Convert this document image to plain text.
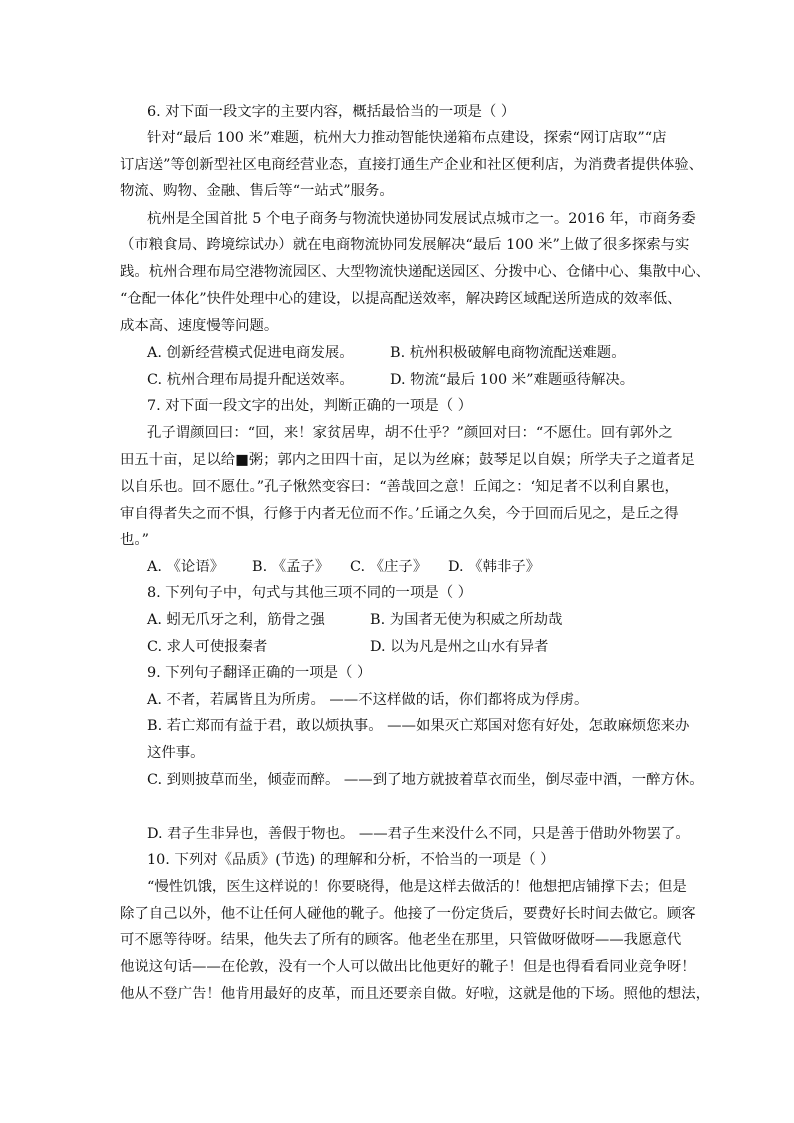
6. 对下面一段文字的主要内容，概括最恰当的一项是（ ）
针对“最后 100 米”难题，杭州大力推动智能快递箱布点建设，探索“网订店取”“店
订店送”等创新型社区电商经营业态，直接打通生产企业和社区便利店，为消费者提供体验、
物流、购物、金融、售后等“一站式”服务。
杭州是全国首批 5 个电子商务与物流快递协同发展试点城市之一。2016 年，市商务委
（市粮食局、跨境综试办）就在电商物流协同发展解决“最后 100 米”上做了很多探索与实
践。杭州合理布局空港物流园区、大型物流快递配送园区、分拨中心、仓储中心、集散中心、
“仓配一体化”快件处理中心的建设，以提高配送效率，解决跨区域配送所造成的效率低、
成本高、速度慢等问题。
A. 创新经营模式促进电商发展。	B. 杭州积极破解电商物流配送难题。
C. 杭州合理布局提升配送效率。	D. 物流“最后 100 米”难题亟待解决。
7. 对下面一段文字的出处，判断正确的一项是（ ）
孔子谓颜回曰：“回，来！家贫居卑，胡不仕乎？”颜回对曰：“不愿仕。回有郭外之
田五十亩，足以给■粥；郭内之田四十亩，足以为丝麻；鼓琴足以自娱；所学夫子之道者足
以自乐也。回不愿仕。”孔子愀然变容曰：“善哉回之意！丘闻之：‘知足者不以利自累也，
审自得者失之而不惧，行修于内者无位而不作。’丘诵之久矣，今于回而后见之，是丘之得
也。”
A. 《论语》 B. 《孟子》 C. 《庄子》 D. 《韩非子》
8. 下列句子中，句式与其他三项不同的一项是（ ）
A. 蚓无爪牙之利，筋骨之强	B. 为国者无使为积威之所劫哉
C. 求人可使报秦者	D. 以为凡是州之山水有异者
9. 下列句子翻译正确的一项是（ ）
A. 不者，若属皆且为所虏。 ——不这样做的话，你们都将成为俘虏。
B. 若亡郑而有益于君，敢以烦执事。 ——如果灭亡郑国对您有好处，怎敢麻烦您来办
这件事。
C. 到则披草而坐，倾壶而醉。 ——到了地方就披着草衣而坐，倒尽壶中酒，一醉方休。
D. 君子生非异也，善假于物也。 ——君子生来没什么不同，只是善于借助外物罢了。
10. 下列对《品质》(节选) 的理解和分析，不恰当的一项是（ ）
“慢性饥饿，医生这样说的！你要晓得，他是这样去做活的！他想把店铺撑下去；但是
除了自己以外，他不让任何人碰他的靴子。他接了一份定货后，要费好长时间去做它。顾客
可不愿等待呀。结果，他失去了所有的顾客。他老坐在那里，只管做呀做呀——我愿意代
他说这句话——在伦敦，没有一个人可以做出比他更好的靴子！但是也得看看同业竞争呀！
他从不登广告！他肯用最好的皮革，而且还要亲自做。好啦，这就是他的下场。照他的想法，
